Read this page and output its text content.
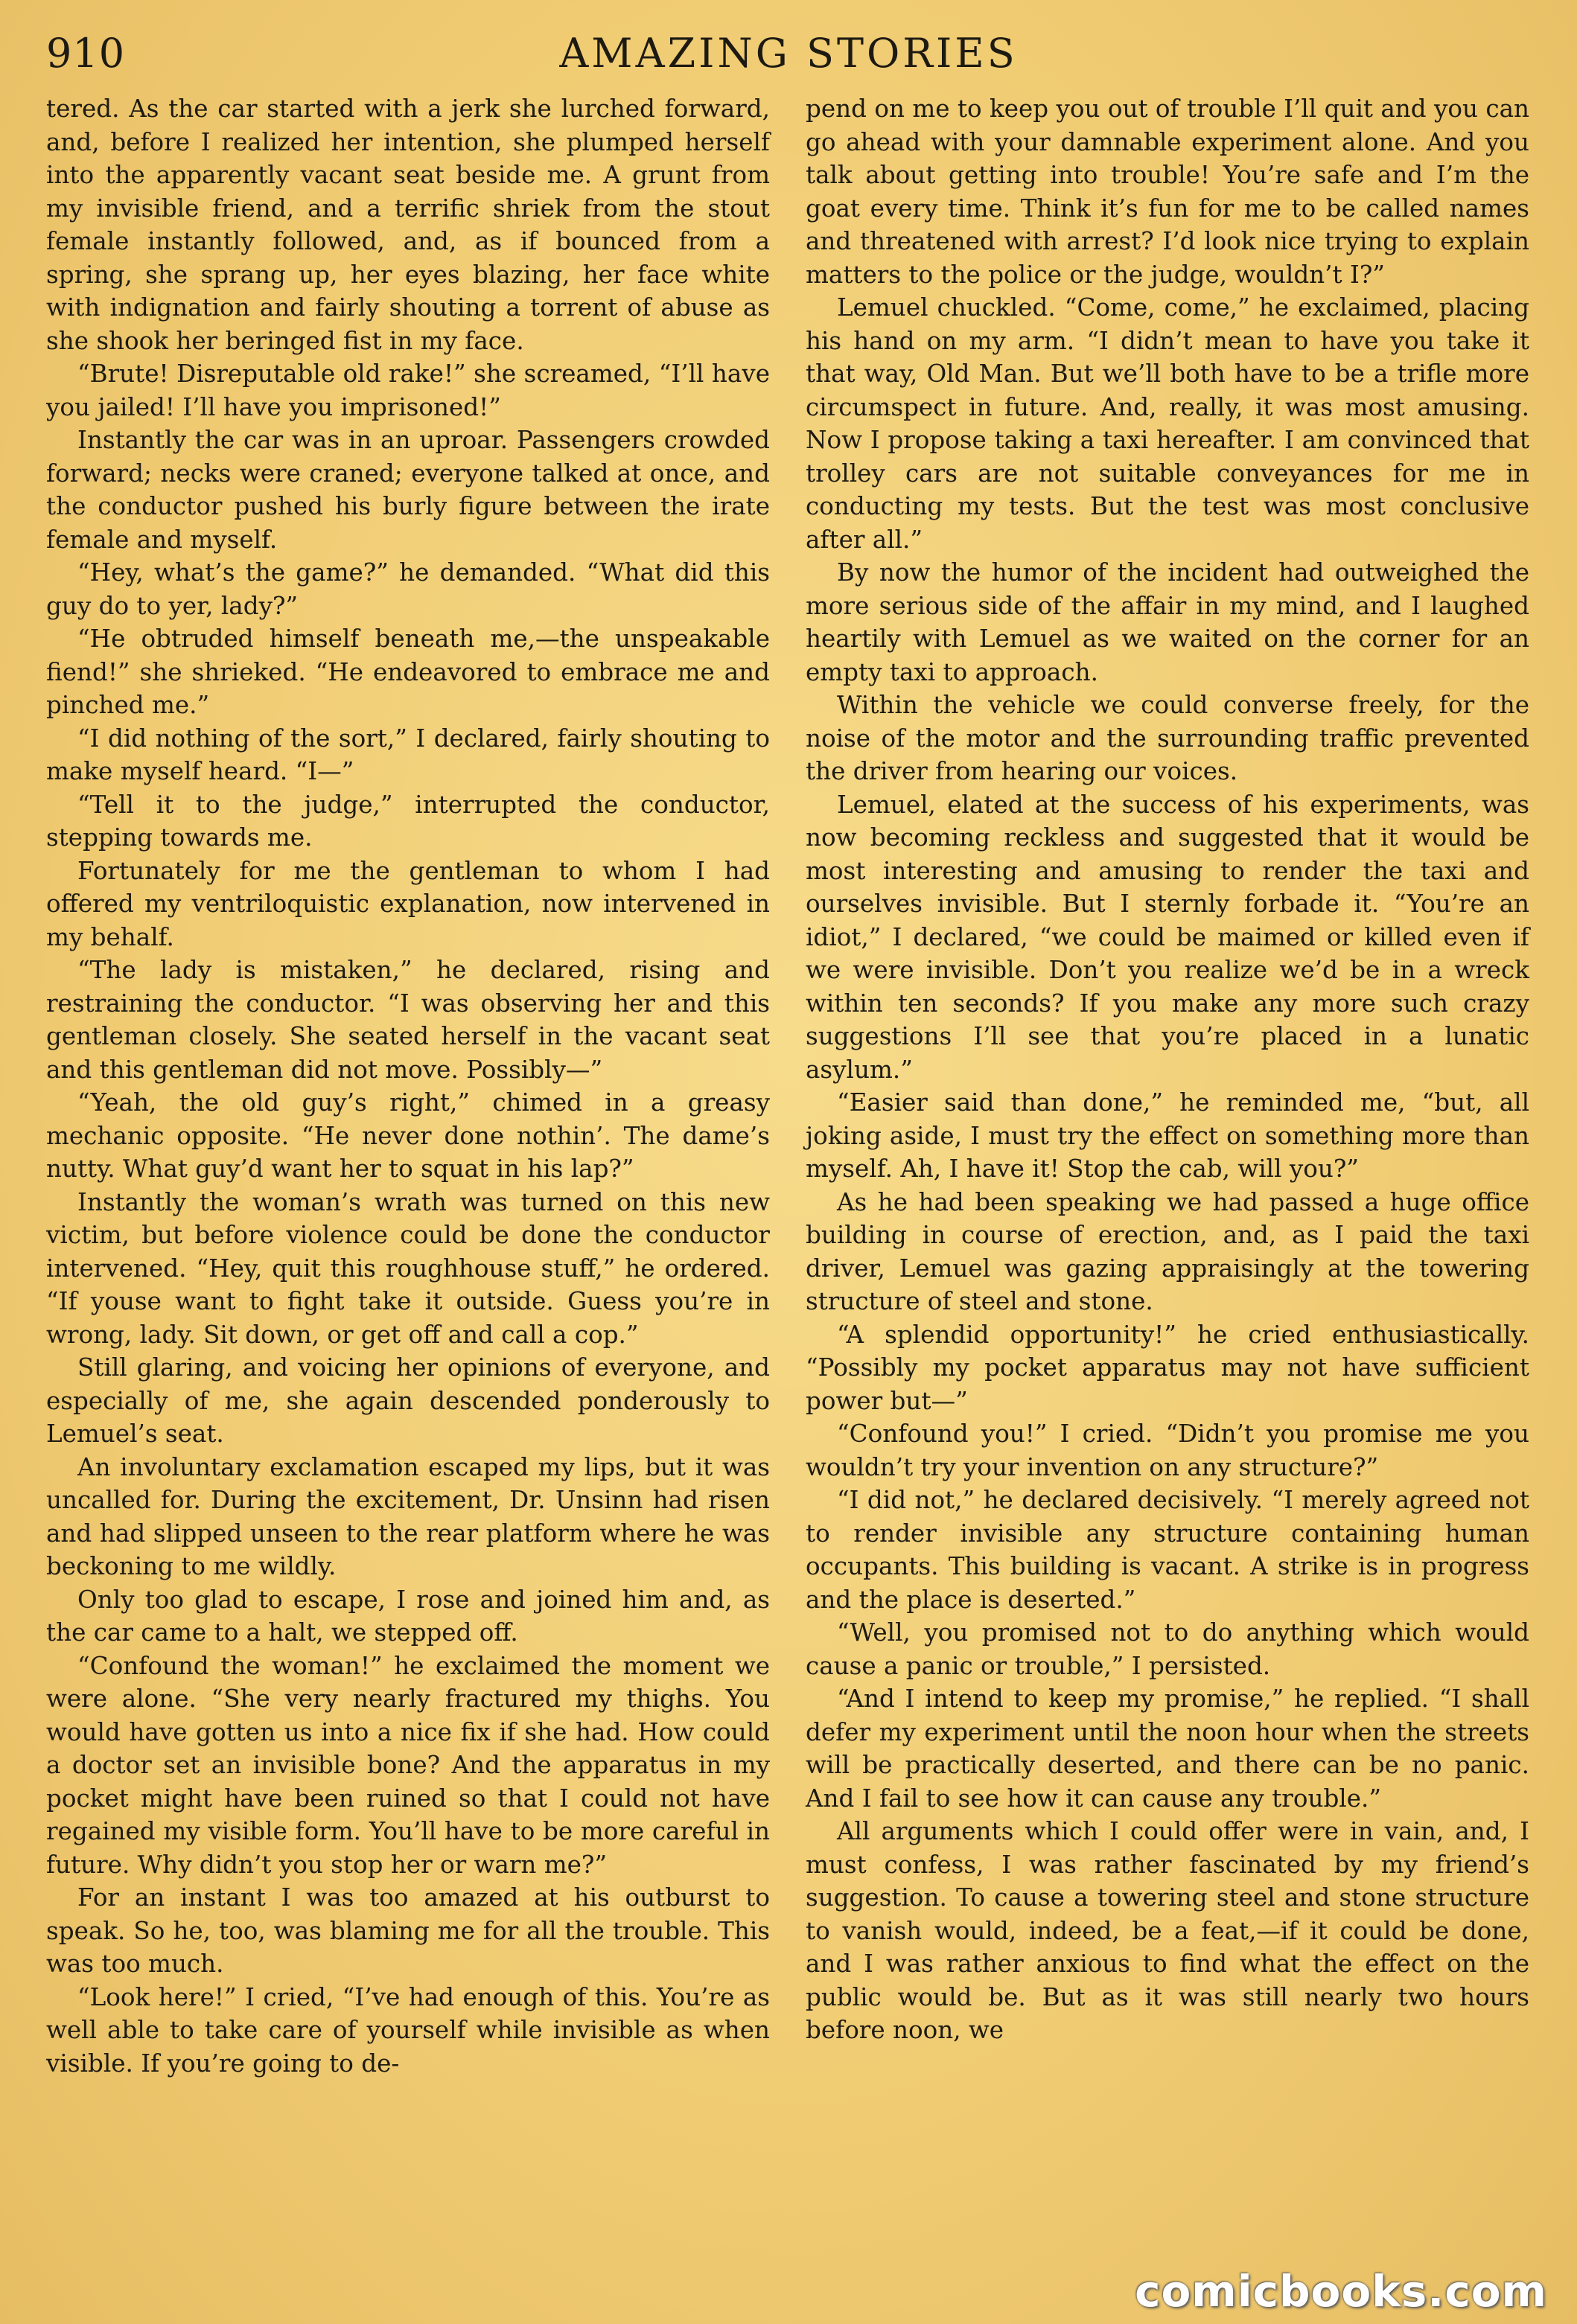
910	AMAZING STORIES

tered. As the car started with a jerk she lurched forward, and, before I realized her intention, she plumped herself into the apparently vacant seat beside me. A grunt from my invisible friend, and a terrific shriek from the stout female instantly followed, and, as if bounced from a spring, she sprang up, her eyes blazing, her face white with indignation and fairly shouting a torrent of abuse as she shook her beringed fist in my face.

“Brute! Disreputable old rake!” she screamed, “I’ll have you jailed! I’ll have you imprisoned!”

Instantly the car was in an uproar. Passengers crowded forward; necks were craned; everyone talked at once, and the conductor pushed his burly figure between the irate female and myself.

“Hey, what’s the game?” he demanded. “What did this guy do to yer, lady?”

“He obtruded himself beneath me,—the unspeakable fiend!” she shrieked. “He endeavored to embrace me and pinched me.”

“I did nothing of the sort,” I declared, fairly shouting to make myself heard. “I—”

“Tell it to the judge,” interrupted the conductor, stepping towards me.

Fortunately for me the gentleman to whom I had offered my ventriloquistic explanation, now intervened in my behalf.

“The lady is mistaken,” he declared, rising and restraining the conductor. “I was observing her and this gentleman closely. She seated herself in the vacant seat and this gentleman did not move. Possibly—”

“Yeah, the old guy’s right,” chimed in a greasy mechanic opposite. “He never done nothin’. The dame’s nutty. What guy’d want her to squat in his lap?”

Instantly the woman’s wrath was turned on this new victim, but before violence could be done the conductor intervened. “Hey, quit this roughhouse stuff,” he ordered. “If youse want to fight take it outside. Guess you’re in wrong, lady. Sit down, or get off and call a cop.”

Still glaring, and voicing her opinions of everyone, and especially of me, she again descended ponderously to Lemuel’s seat.

An involuntary exclamation escaped my lips, but it was uncalled for. During the excitement, Dr. Unsinn had risen and had slipped unseen to the rear platform where he was beckoning to me wildly.

Only too glad to escape, I rose and joined him and, as the car came to a halt, we stepped off.

“Confound the woman!” he exclaimed the moment we were alone. “She very nearly fractured my thighs. You would have gotten us into a nice fix if she had. How could a doctor set an invisible bone? And the apparatus in my pocket might have been ruined so that I could not have regained my visible form. You’ll have to be more careful in future. Why didn’t you stop her or warn me?”

For an instant I was too amazed at his outburst to speak. So he, too, was blaming me for all the trouble. This was too much.

“Look here!” I cried, “I’ve had enough of this. You’re as well able to take care of yourself while invisible as when visible. If you’re going to de-

pend on me to keep you out of trouble I’ll quit and you can go ahead with your damnable experiment alone. And you talk about getting into trouble! You’re safe and I’m the goat every time. Think it’s fun for me to be called names and threatened with arrest? I’d look nice trying to explain matters to the police or the judge, wouldn’t I?”

Lemuel chuckled. “Come, come,” he exclaimed, placing his hand on my arm. “I didn’t mean to have you take it that way, Old Man. But we’ll both have to be a trifle more circumspect in future. And, really, it was most amusing. Now I propose taking a taxi hereafter. I am convinced that trolley cars are not suitable conveyances for me in conducting my tests. But the test was most conclusive after all.”

By now the humor of the incident had outweighed the more serious side of the affair in my mind, and I laughed heartily with Lemuel as we waited on the corner for an empty taxi to approach.

Within the vehicle we could converse freely, for the noise of the motor and the surrounding traffic prevented the driver from hearing our voices.

Lemuel, elated at the success of his experiments, was now becoming reckless and suggested that it would be most interesting and amusing to render the taxi and ourselves invisible. But I sternly forbade it. “You’re an idiot,” I declared, “we could be maimed or killed even if we were invisible. Don’t you realize we’d be in a wreck within ten seconds? If you make any more such crazy suggestions I’ll see that you’re placed in a lunatic asylum.”

“Easier said than done,” he reminded me, “but, all joking aside, I must try the effect on something more than myself. Ah, I have it! Stop the cab, will you?”

As he had been speaking we had passed a huge office building in course of erection, and, as I paid the taxi driver, Lemuel was gazing appraisingly at the towering structure of steel and stone.

“A splendid opportunity!” he cried enthusiastically. “Possibly my pocket apparatus may not have sufficient power but—”

“Confound you!” I cried. “Didn’t you promise me you wouldn’t try your invention on any structure?”

“I did not,” he declared decisively. “I merely agreed not to render invisible any structure containing human occupants. This building is vacant. A strike is in progress and the place is deserted.”

“Well, you promised not to do anything which would cause a panic or trouble,” I persisted.

“And I intend to keep my promise,” he replied. “I shall defer my experiment until the noon hour when the streets will be practically deserted, and there can be no panic. And I fail to see how it can cause any trouble.”

All arguments which I could offer were in vain, and, I must confess, I was rather fascinated by my friend’s suggestion. To cause a towering steel and stone structure to vanish would, indeed, be a feat,—if it could be done, and I was rather anxious to find what the effect on the public would be. But as it was still nearly two hours before noon, we

comicbooks.com
